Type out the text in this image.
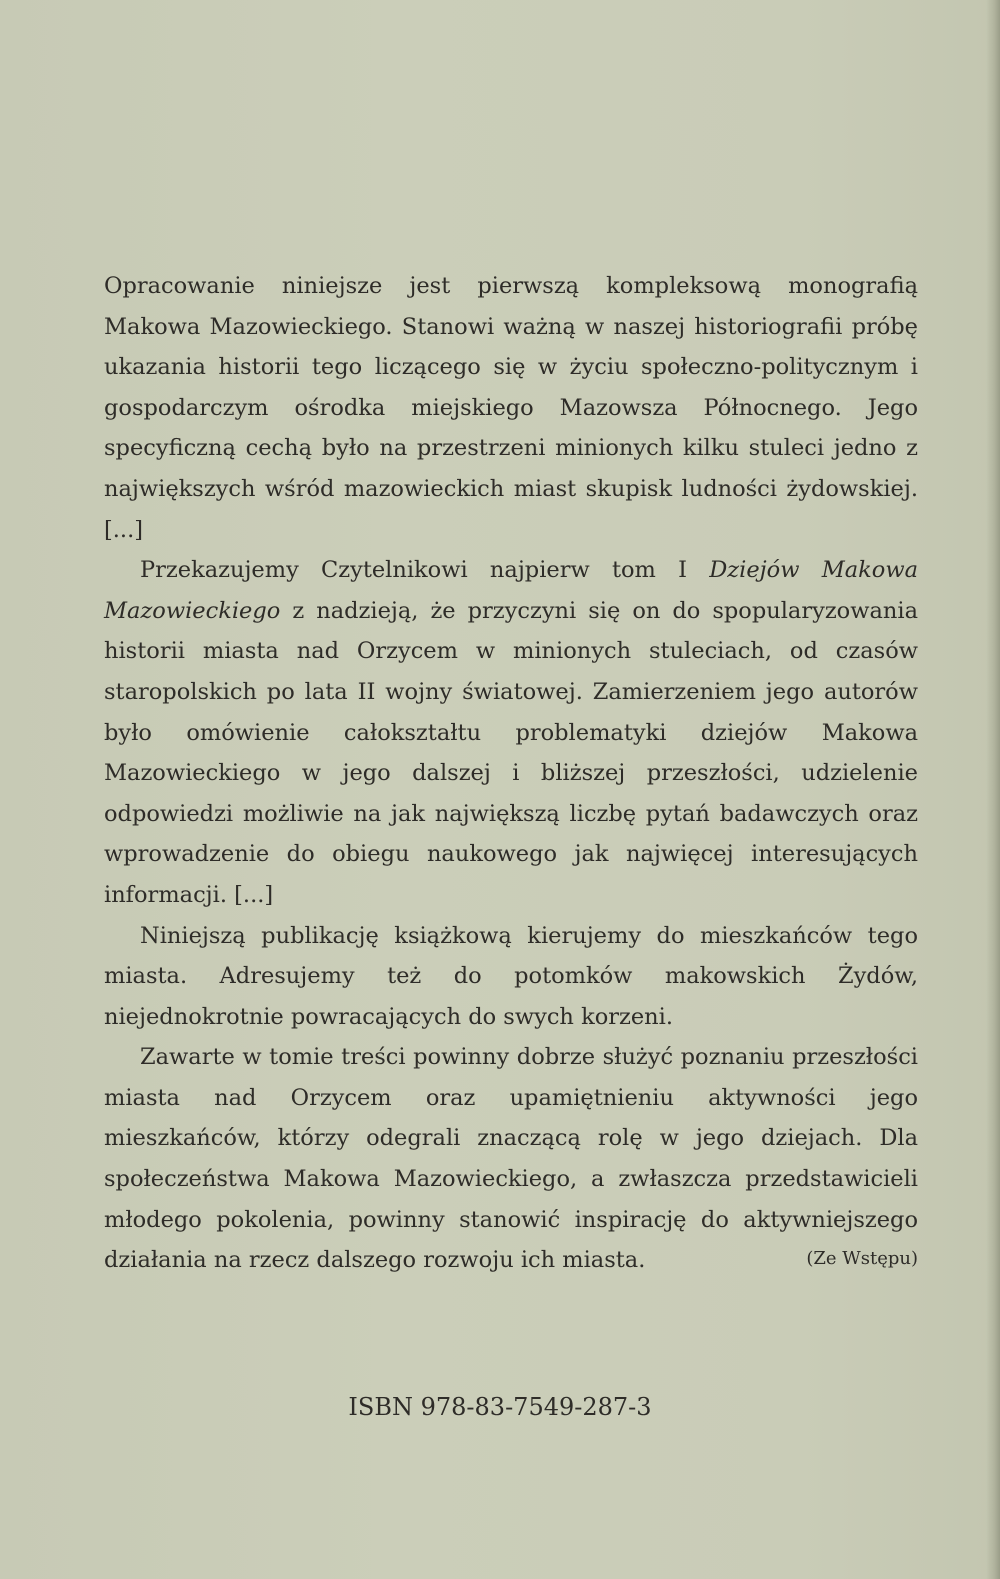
Opracowanie niniejsze jest pierwszą kompleksową monografią Makowa Mazowieckiego. Stanowi ważną w naszej historiografii próbę ukazania historii tego liczącego się w życiu społeczno-politycznym i gospodarczym ośrodka miejskiego Mazowsza Północnego. Jego specyficzną cechą było na przestrzeni minionych kilku stuleci jedno z największych wśród mazowieckich miast skupisk ludności żydowskiej. [...]

Przekazujemy Czytelnikowi najpierw tom I Dziejów Makowa Mazowieckiego z nadzieją, że przyczyni się on do spopularyzowania historii miasta nad Orzycem w minionych stuleciach, od czasów staropolskich po lata II wojny światowej. Zamierzeniem jego autorów było omówienie całokształtu problematyki dziejów Makowa Mazowieckiego w jego dalszej i bliższej przeszłości, udzielenie odpowiedzi możliwie na jak największą liczbę pytań badawczych oraz wprowadzenie do obiegu naukowego jak najwięcej interesujących informacji. [...]

Niniejszą publikację książkową kierujemy do mieszkańców tego miasta. Adresujemy też do potomków makowskich Żydów, niejednokrotnie powracających do swych korzeni.

Zawarte w tomie treści powinny dobrze służyć poznaniu przeszłości miasta nad Orzycem oraz upamiętnieniu aktywności jego mieszkańców, którzy odegrali znaczącą rolę w jego dziejach. Dla społeczeństwa Makowa Mazowieckiego, a zwłaszcza przedstawicieli młodego pokolenia, powinny stanowić inspirację do aktywniejszego działania na rzecz dalszego rozwoju ich miasta.	(Ze Wstępu)
ISBN 978-83-7549-287-3
